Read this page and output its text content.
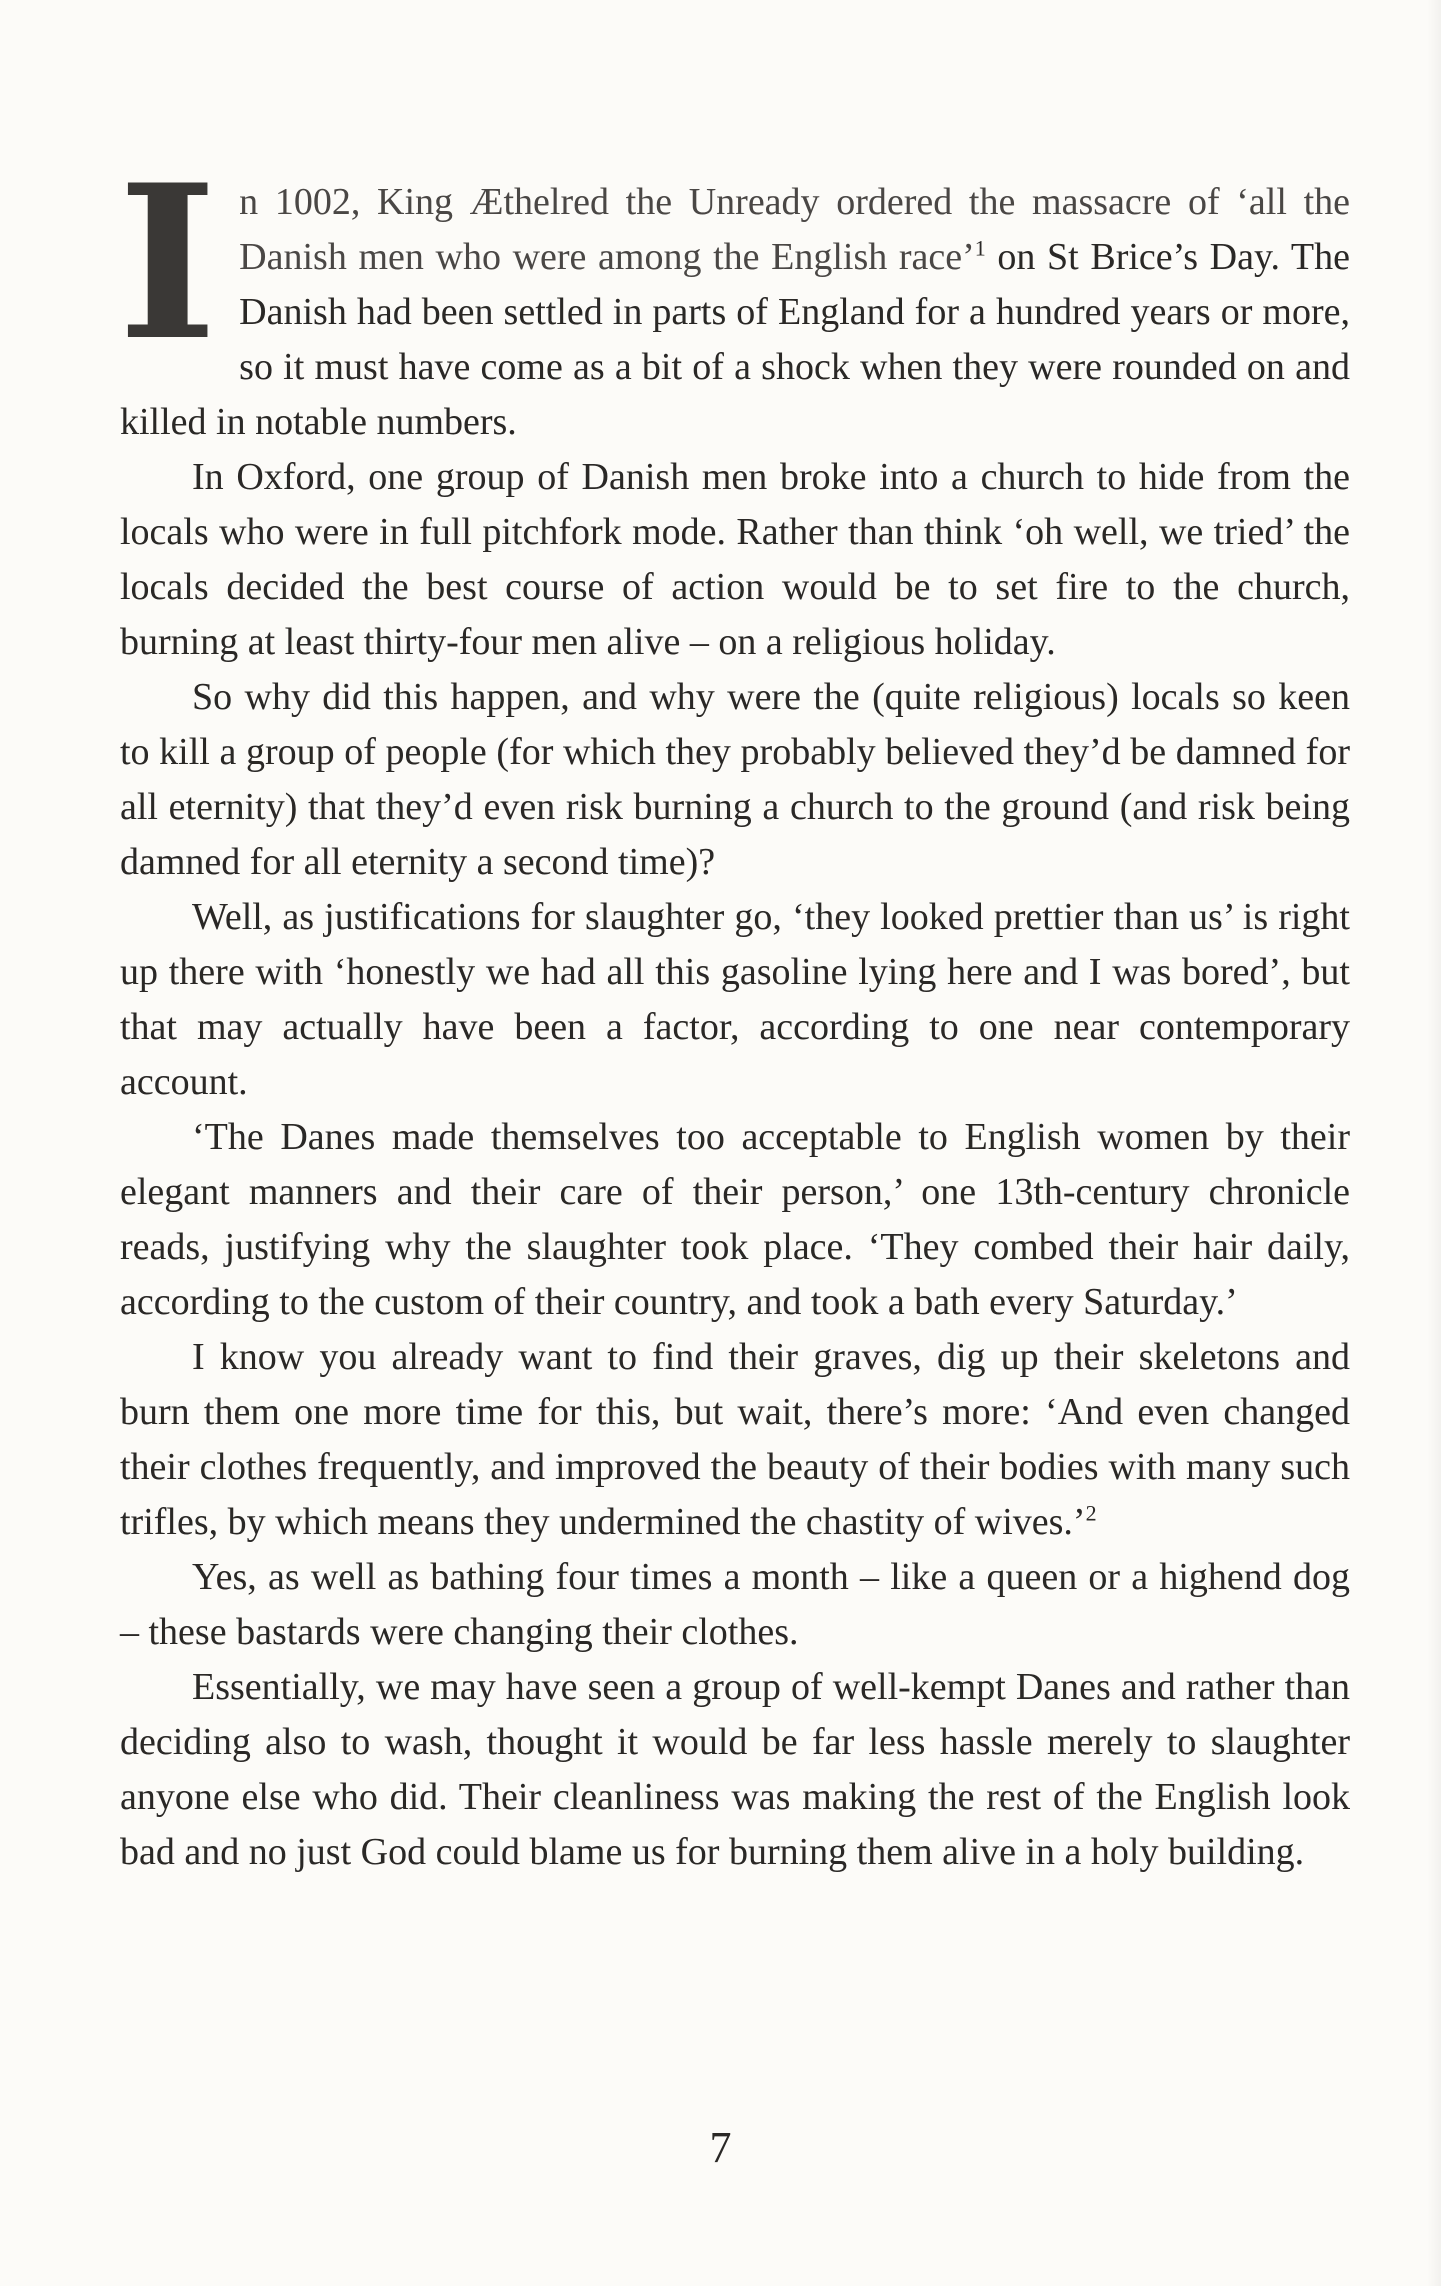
In 1002, King Æthelred the Unready ordered the massacre of ‘all the Danish men who were among the English race’$^1$ on St Brice’s Day. The Danish had been settled in parts of England for a hundred years or more, so it must have come as a bit of a shock when they were rounded on and killed in notable numbers.

In Oxford, one group of Danish men broke into a church to hide from the locals who were in full pitchfork mode. Rather than think ‘oh well, we tried’ the locals decided the best course of action would be to set fire to the church, burning at least thirty-four men alive – on a religious holiday.

So why did this happen, and why were the (quite religious) locals so keen to kill a group of people (for which they probably believed they’d be damned for all eternity) that they’d even risk burning a church to the ground (and risk being damned for all eternity a second time)?

Well, as justifications for slaughter go, ‘they looked prettier than us’ is right up there with ‘honestly we had all this gasoline lying here and I was bored’, but that may actually have been a factor, according to one near contemporary account.

‘The Danes made themselves too acceptable to English women by their elegant manners and their care of their person,’ one 13th-century chronicle reads, justifying why the slaughter took place. ‘They combed their hair daily, according to the custom of their country, and took a bath every Saturday.’

I know you already want to find their graves, dig up their skeletons and burn them one more time for this, but wait, there’s more: ‘And even changed their clothes frequently, and improved the beauty of their bodies with many such trifles, by which means they undermined the chastity of wives.’$^2$

Yes, as well as bathing four times a month – like a queen or a highend dog – these bastards were changing their clothes.

Essentially, we may have seen a group of well-kempt Danes and rather than deciding also to wash, thought it would be far less hassle merely to slaughter anyone else who did. Their cleanliness was making the rest of the English look bad and no just God could blame us for burning them alive in a holy building.

7
